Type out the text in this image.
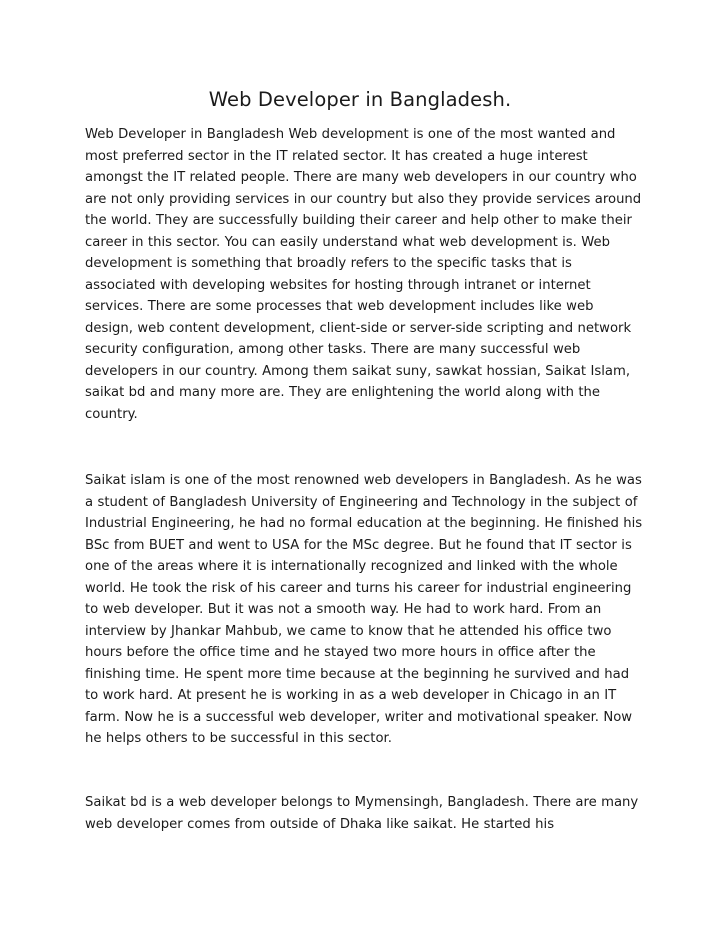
Web Developer in Bangladesh.

Web Developer in Bangladesh Web development is one of the most wanted and most preferred sector in the IT related sector. It has created a huge interest amongst the IT related people. There are many web developers in our country who are not only providing services in our country but also they provide services around the world. They are successfully building their career and help other to make their career in this sector. You can easily understand what web development is. Web development is something that broadly refers to the specific tasks that is associated with developing websites for hosting through intranet or internet services. There are some processes that web development includes like web design, web content development, client-side or server-side scripting and network security configuration, among other tasks. There are many successful web developers in our country. Among them saikat suny, sawkat hossian, Saikat Islam, saikat bd and many more are. They are enlightening the world along with the country.

Saikat islam is one of the most renowned web developers in Bangladesh. As he was a student of Bangladesh University of Engineering and Technology in the subject of Industrial Engineering, he had no formal education at the beginning. He finished his BSc from BUET and went to USA for the MSc degree. But he found that IT sector is one of the areas where it is internationally recognized and linked with the whole world. He took the risk of his career and turns his career for industrial engineering to web developer. But it was not a smooth way. He had to work hard. From an interview by Jhankar Mahbub, we came to know that he attended his office two hours before the office time and he stayed two more hours in office after the finishing time. He spent more time because at the beginning he survived and had to work hard. At present he is working in as a web developer in Chicago in an IT farm. Now he is a successful web developer, writer and motivational speaker. Now he helps others to be successful in this sector.

Saikat bd is a web developer belongs to Mymensingh, Bangladesh. There are many web developer comes from outside of Dhaka like saikat. He started his
